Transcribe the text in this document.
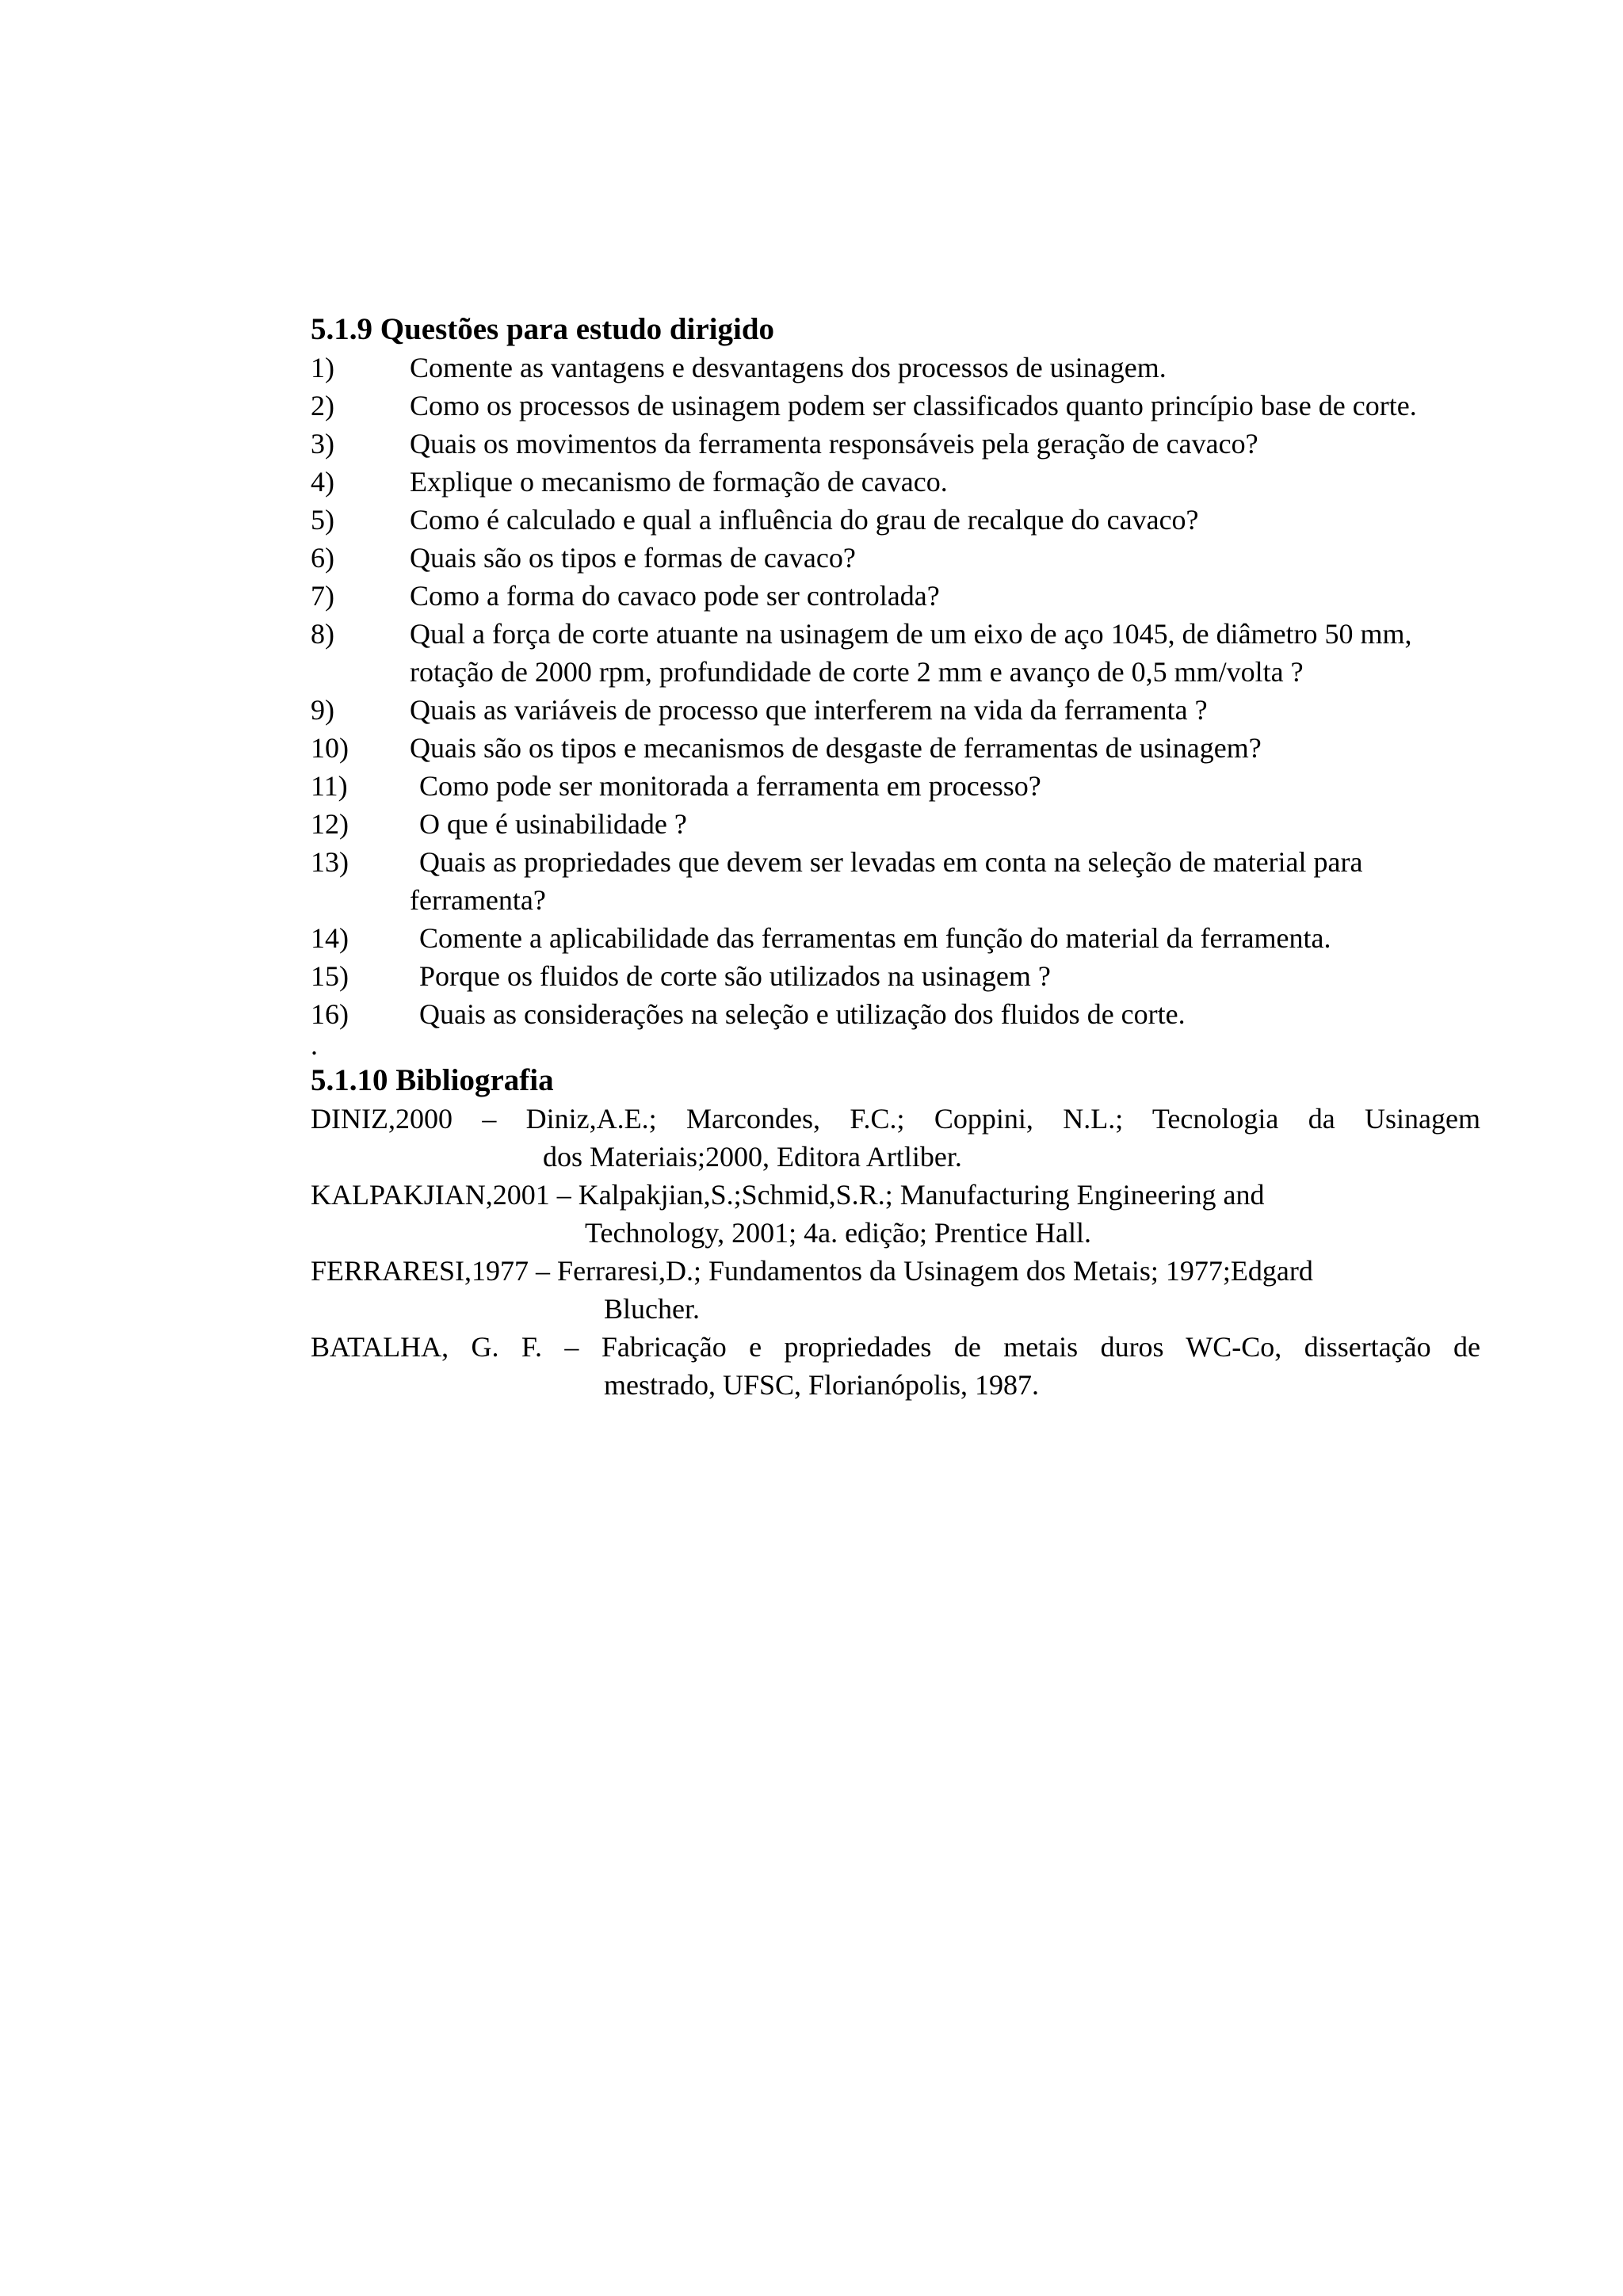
5.1.9 Questões para estudo dirigido
1)	Comente as vantagens e desvantagens dos processos de usinagem.
2)	Como os processos de usinagem podem ser classificados quanto princípio base de corte.
3)	Quais os movimentos da ferramenta responsáveis pela geração de cavaco?
4)	Explique o mecanismo de formação de cavaco.
5)	Como é calculado e qual a influência do grau de recalque do cavaco?
6)	Quais são os tipos e formas de cavaco?
7)	Como a forma do cavaco pode ser controlada?
8)	Qual a força de corte atuante na usinagem de um eixo de aço 1045, de diâmetro 50 mm, rotação de 2000 rpm, profundidade de corte 2 mm e avanço de 0,5 mm/volta ?
9)	Quais as variáveis de processo que interferem na vida da ferramenta ?
10) Quais são os tipos e mecanismos de desgaste de ferramentas de usinagem?
11)	Como pode ser monitorada a ferramenta em processo?
12) O que é usinabilidade ?
13) Quais as propriedades que devem ser levadas em conta na seleção de material para ferramenta?
14) Comente a aplicabilidade das ferramentas em função do material da ferramenta.
15) Porque os fluidos de corte são utilizados na usinagem ?
16) Quais as considerações na seleção e utilização dos fluidos de corte.
.
5.1.10 Bibliografia
DINIZ,2000 – Diniz,A.E.; Marcondes, F.C.; Coppini, N.L.; Tecnologia da Usinagem
dos Materiais;2000, Editora Artliber.
KALPAKJIAN,2001 – Kalpakjian,S.;Schmid,S.R.; Manufacturing Engineering and
Technology, 2001; 4a. edição; Prentice Hall.
FERRARESI,1977 – Ferraresi,D.; Fundamentos da Usinagem dos Metais; 1977;Edgard
Blucher.
BATALHA, G. F. – Fabricação e propriedades de metais duros WC-Co, dissertação de
mestrado, UFSC, Florianópolis, 1987.
